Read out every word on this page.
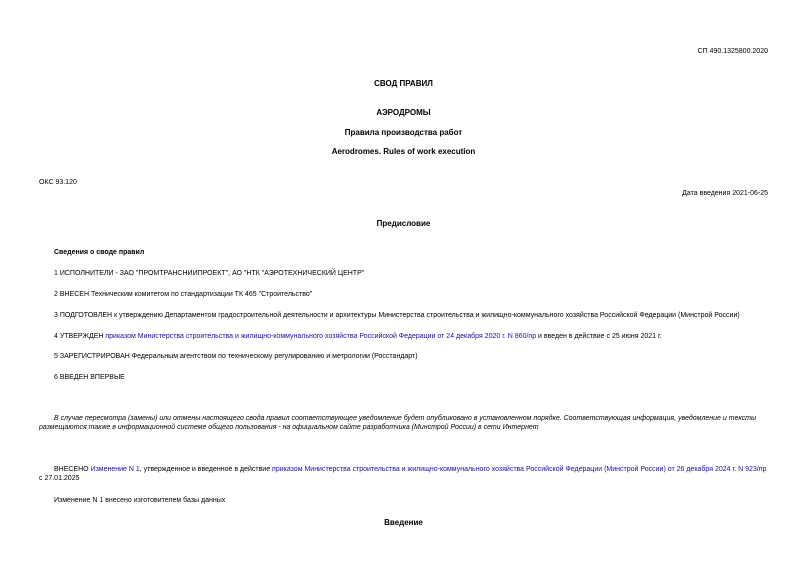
СП 490.1325800.2020
СВОД ПРАВИЛ
АЭРОДРОМЫ
Правила производства работ
Aerodromes. Rules of work execution
ОКС 93.120
Дата введения 2021-06-25
Предисловие
Сведения о своде правил
1 ИСПОЛНИТЕЛИ - ЗАО "ПРОМТРАНСНИИПРОЕКТ", АО "НТК "АЭРОТЕХНИЧЕСКИЙ ЦЕНТР"
2 ВНЕСЕН Техническим комитетом по стандартизации ТК 465 "Строительство"
3 ПОДГОТОВЛЕН к утверждению Департаментом градостроительной деятельности и архитектуры Министерства строительства и жилищно-коммунального хозяйства Российской Федерации (Минстрой России)
4 УТВЕРЖДЕН приказом Министерства строительства и жилищно-коммунального хозяйства Российской Федерации от 24 декабря 2020 г. N 860/пр и введен в действие с 25 июня 2021 г.
5 ЗАРЕГИСТРИРОВАН Федеральным агентством по техническому регулированию и метрологии (Росстандарт)
6 ВВЕДЕН ВПЕРВЫЕ
В случае пересмотра (замены) или отмены настоящего свода правил соответствующее уведомление будет опубликовано в установленном порядке. Соответствующая информация, уведомление и тексты размещаются также в информационной системе общего пользования - на официальном сайте разработчика (Минстрой России) в сети Интернет
ВНЕСЕНО Изменение N 1, утвержденное и введенное в действие приказом Министерства строительства и жилищно-коммунального хозяйства Российской Федерации (Минстрой России) от 26 декабря 2024 г. N 923/пр с 27.01.2025
Изменение N 1 внесено изготовителем базы данных
Введение
